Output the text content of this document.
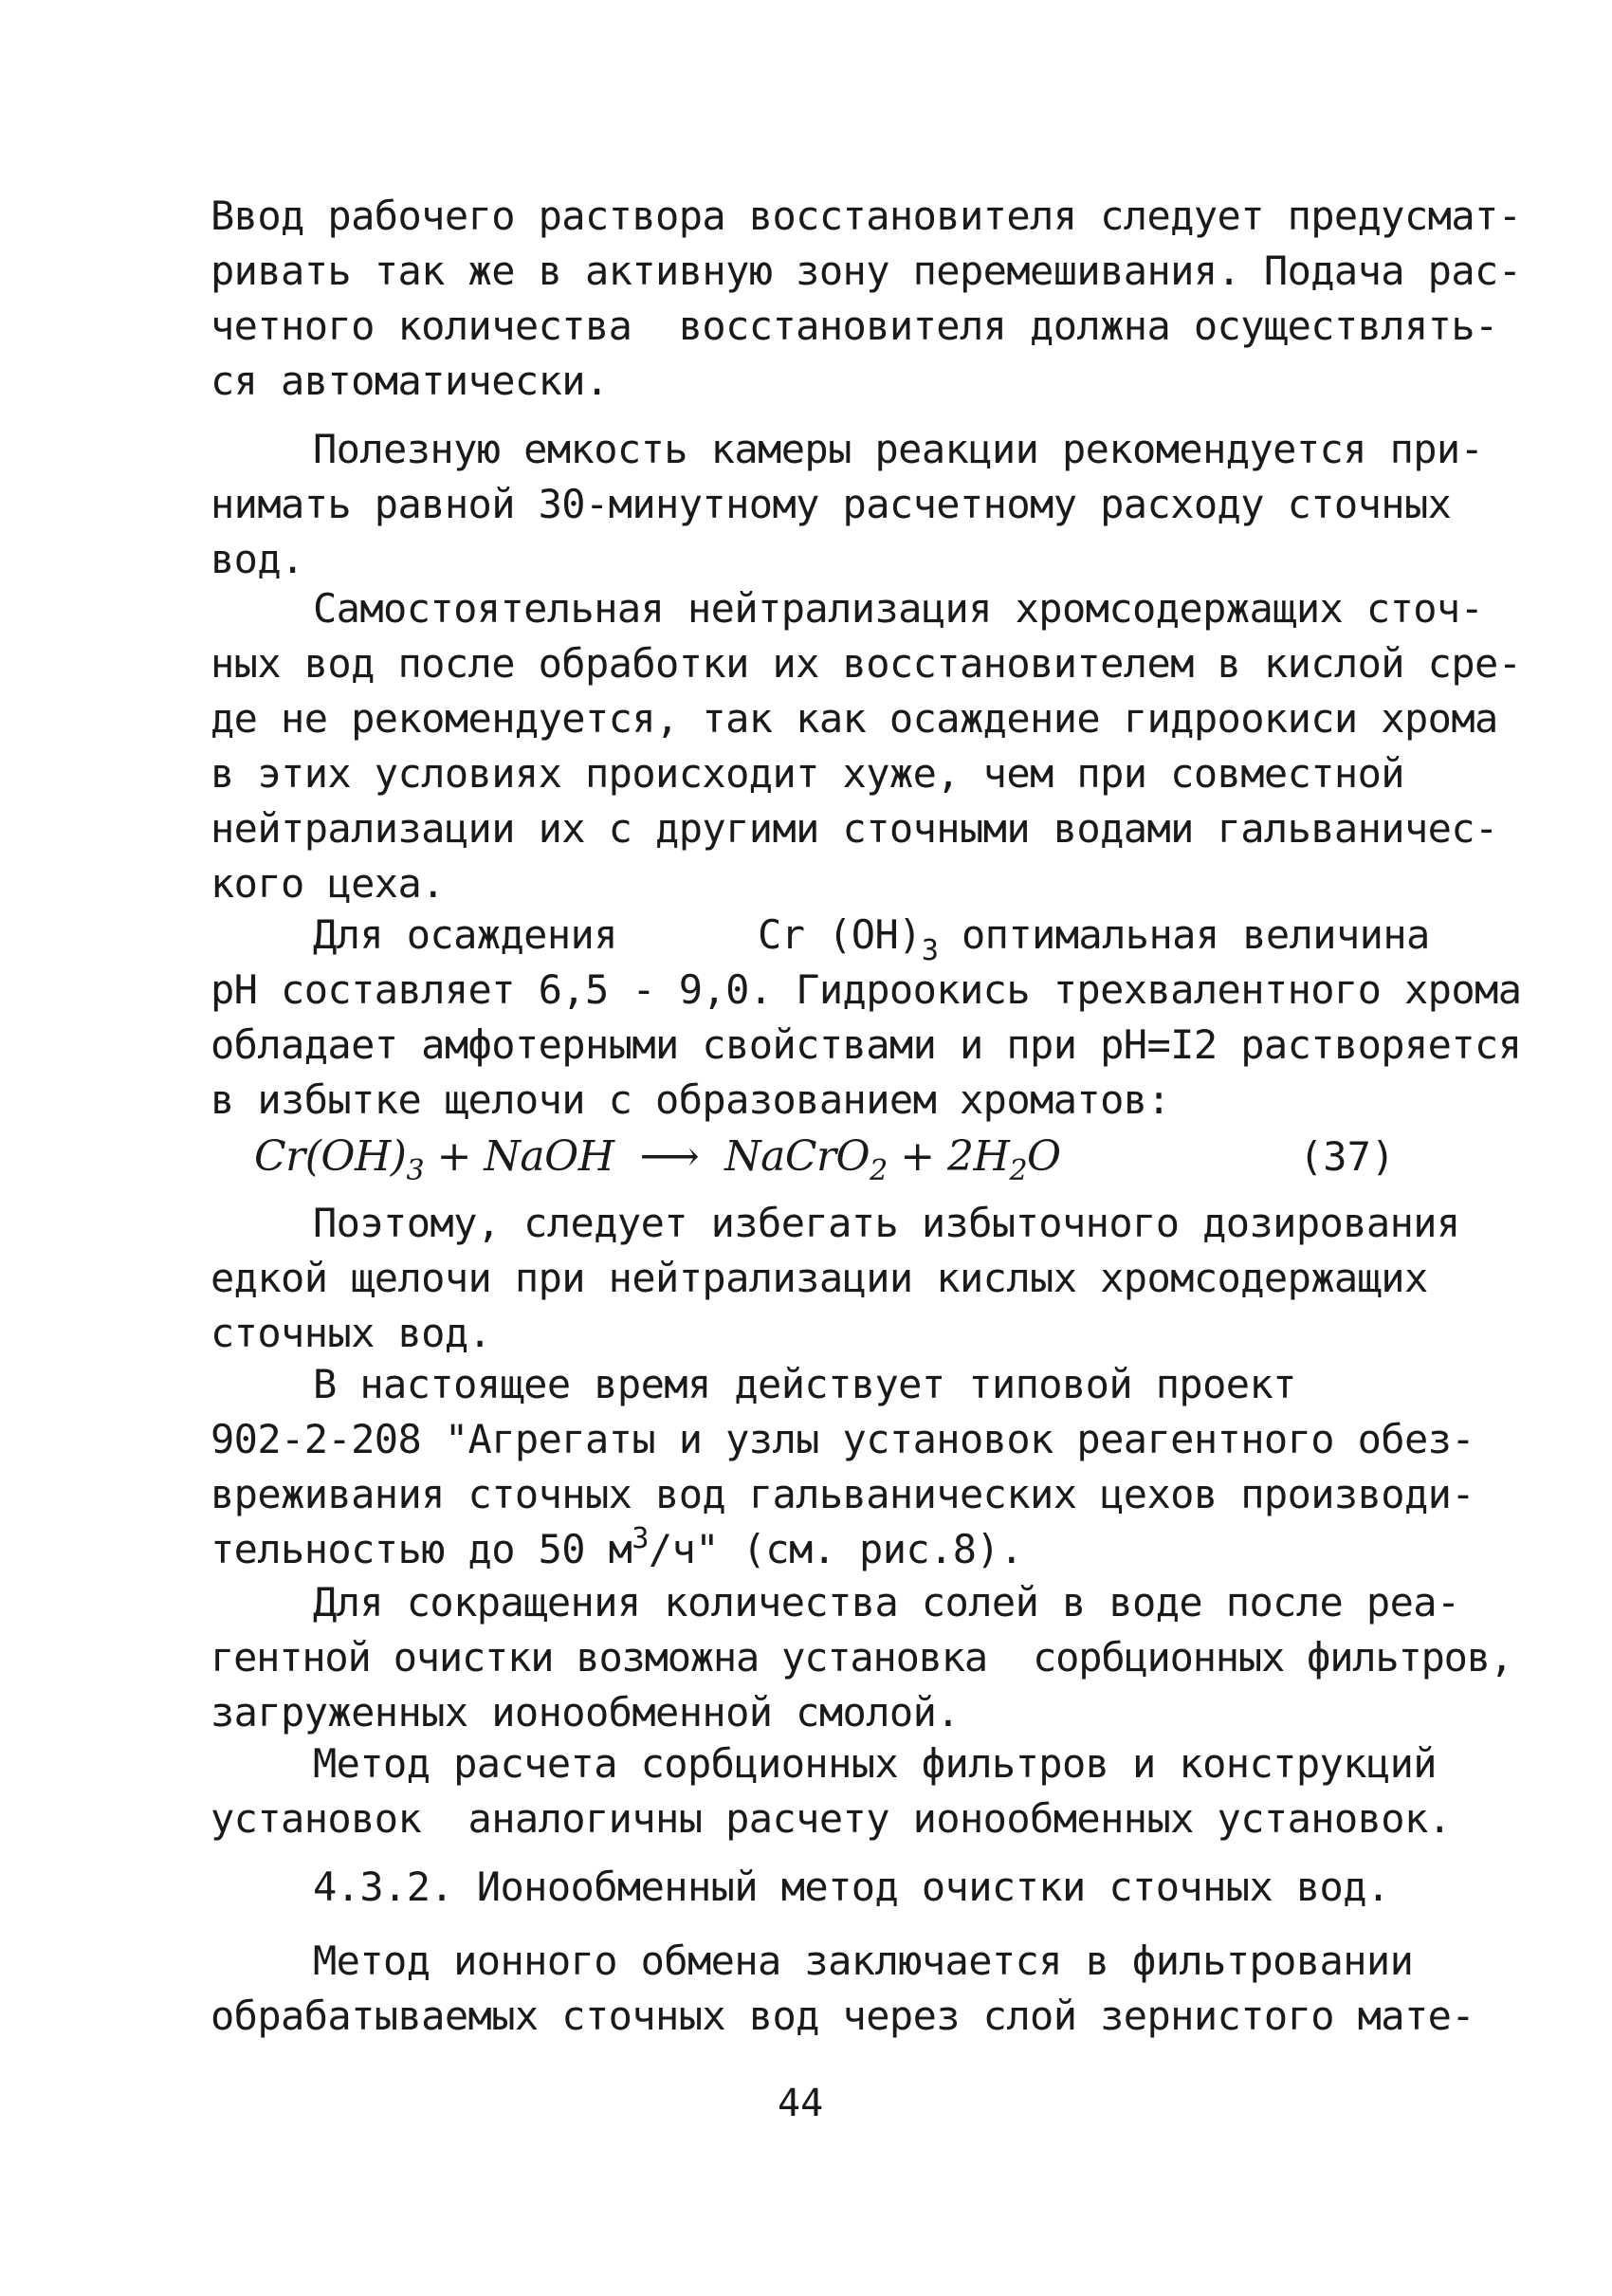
Ввод рабочего раствора восстановителя следует предусмат-
ривать так же в активную зону перемешивания. Подача рас-
четного количества  восстановителя должна осуществлять-
ся автоматически.
Полезную емкость камеры реакции рекомендуется при-
нимать равной 30-минутному расчетному расходу сточных
вод.
Самостоятельная нейтрализация хромсодержащих сточ-
ных вод после обработки их восстановителем в кислой сре-
де не рекомендуется, так как осаждение гидроокиси хрома
в этих условиях происходит хуже, чем при совместной
нейтрализации их с другими сточными водами гальваничес-
кого цеха.
Для осаждения      Cr $(OH)_3$ оптимальная величина
pH составляет 6,5 - 9,0. Гидроокись трехвалентного хрома
обладает амфотерными свойствами и при pH=I2 растворяется
в избытке щелочи с образованием хроматов:
$Cr(OH)_3$ + NaOH  ⟶  NaCrO$_2$ + $2H_2O$	(37)
Поэтому, следует избегать избыточного дозирования
едкой щелочи при нейтрализации кислых хромсодержащих
сточных вод.
В настоящее время действует типовой проект
902-2-208 "Агрегаты и узлы установок реагентного обез-
вреживания сточных вод гальванических цехов производи-
тельностью до 50 $м^3/ч$" (см. рис.8).
Для сокращения количества солей в воде после реа-
гентной очистки возможна установка  сорбционных фильтров,
загруженных ионообменной смолой.
Метод расчета сорбционных фильтров и конструкций
установок  аналогичны расчету ионообменных установок.
4.3.2. Ионообменный метод очистки сточных вод.
Метод ионного обмена заключается в фильтровании
обрабатываемых сточных вод через слой зернистого мате-
44
